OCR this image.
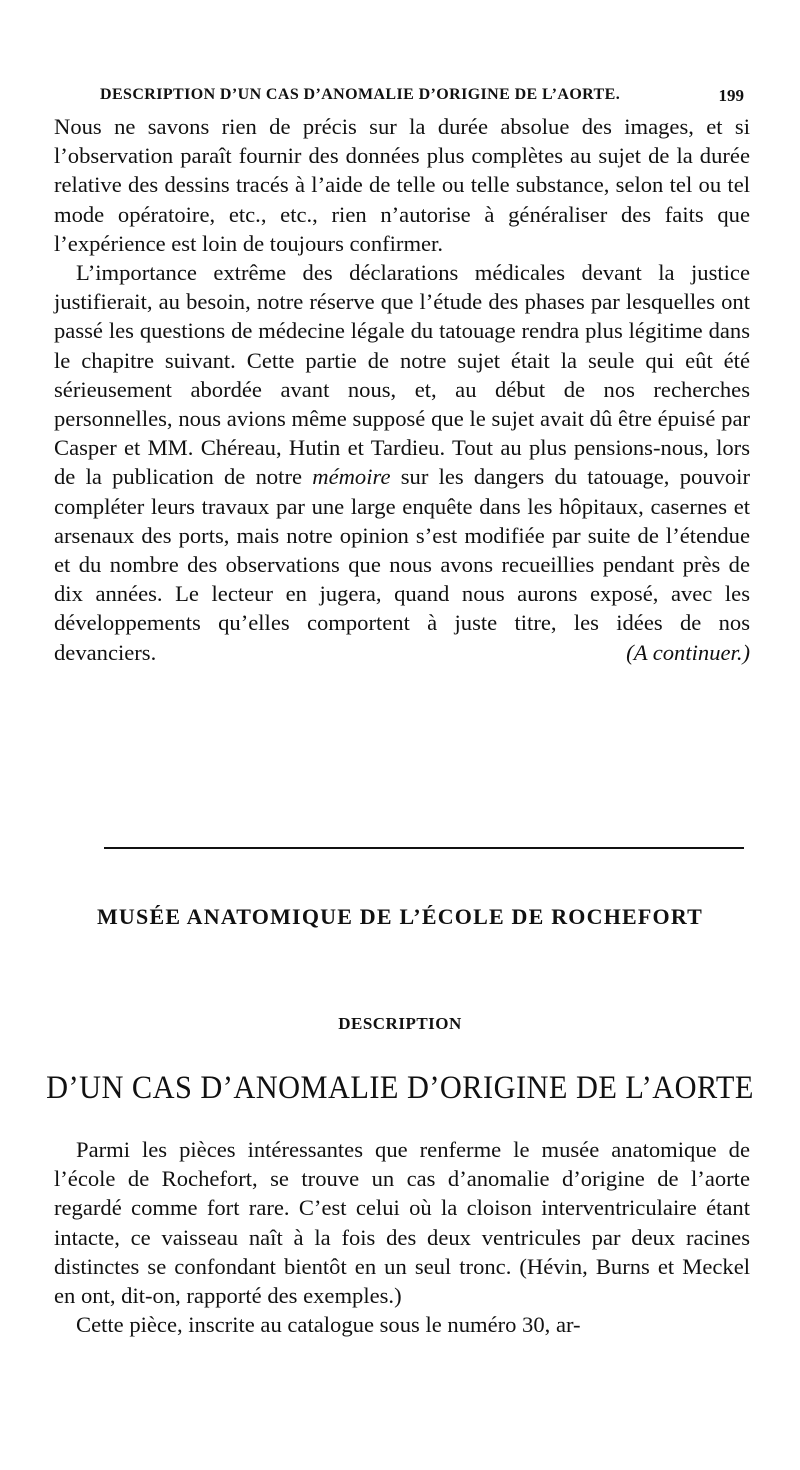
DESCRIPTION D’UN CAS D’ANOMALIE D’ORIGINE DE L’AORTE.	199

Nous ne savons rien de précis sur la durée absolue des images, et si l’observation paraît fournir des données plus complètes au sujet de la durée relative des dessins tracés à l’aide de telle ou telle substance, selon tel ou tel mode opératoire, etc., etc., rien n’autorise à généraliser des faits que l’expérience est loin de toujours confirmer.

L’importance extrême des déclarations médicales devant la justice justifierait, au besoin, notre réserve que l’étude des phases par lesquelles ont passé les questions de médecine légale du tatouage rendra plus légitime dans le chapitre suivant. Cette partie de notre sujet était la seule qui eût été sérieusement abordée avant nous, et, au début de nos recherches personnelles, nous avions même supposé que le sujet avait dû être épuisé par Casper et MM. Chéreau, Hutin et Tardieu. Tout au plus pensions-nous, lors de la publication de notre mémoire sur les dangers du tatouage, pouvoir compléter leurs travaux par une large enquête dans les hôpitaux, casernes et arsenaux des ports, mais notre opinion s’est modifiée par suite de l’étendue et du nombre des observations que nous avons recueillies pendant près de dix années. Le lecteur en jugera, quand nous aurons exposé, avec les développements qu’elles comportent à juste titre, les idées de nos devanciers.	(A continuer.)

MUSÉE ANATOMIQUE DE L’ÉCOLE DE ROCHEFORT
DESCRIPTION
D’UN CAS D’ANOMALIE D’ORIGINE DE L’AORTE

Parmi les pièces intéressantes que renferme le musée anatomique de l’école de Rochefort, se trouve un cas d’anomalie d’origine de l’aorte regardé comme fort rare. C’est celui où la cloison interventriculaire étant intacte, ce vaisseau naît à la fois des deux ventricules par deux racines distinctes se confondant bientôt en un seul tronc. (Hévin, Burns et Meckel en ont, dit-on, rapporté des exemples.)

Cette pièce, inscrite au catalogue sous le numéro 30, ar-
